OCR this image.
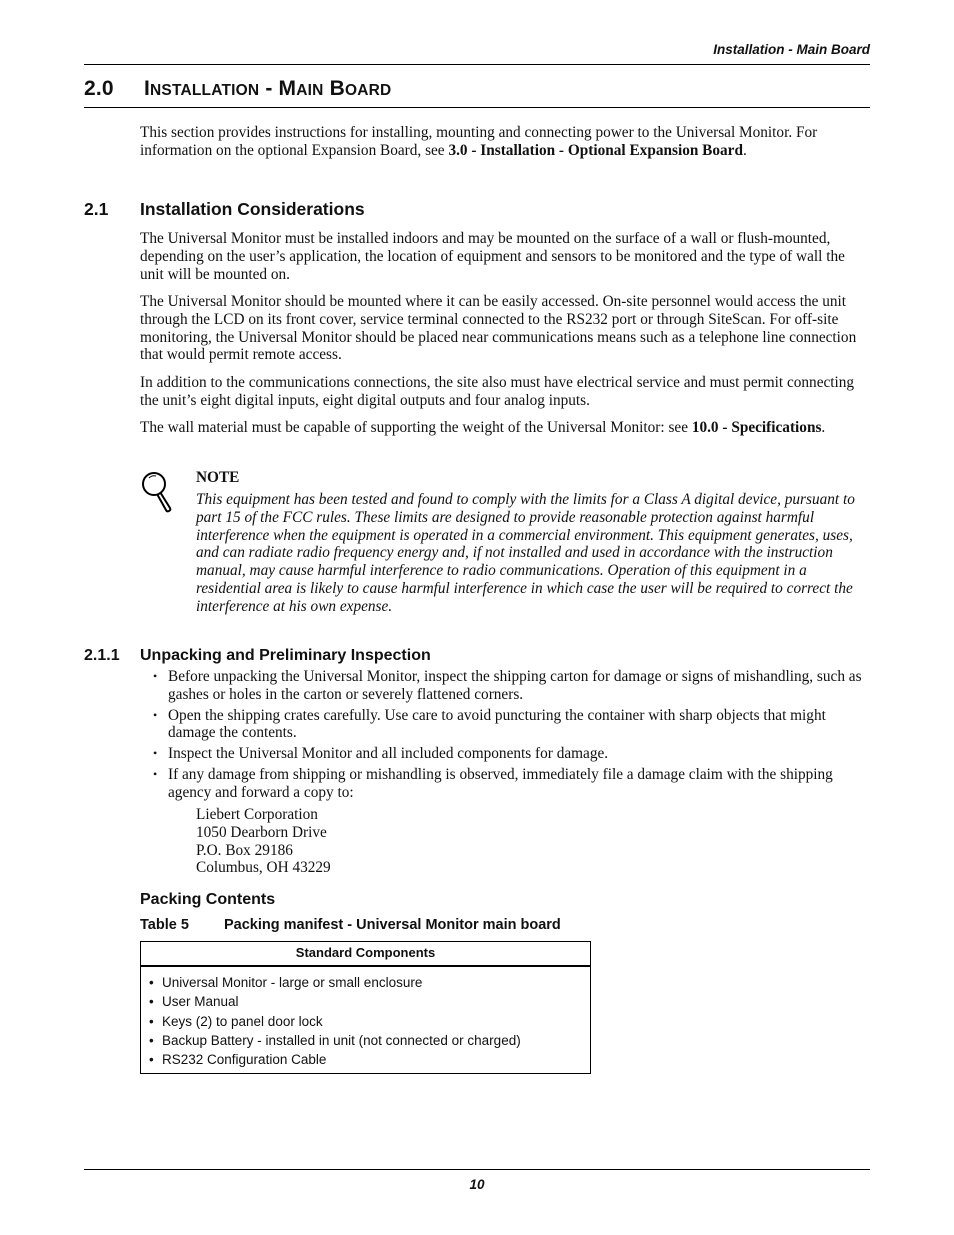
Installation - Main Board
2.0 INSTALLATION - MAIN BOARD
This section provides instructions for installing, mounting and connecting power to the Universal Monitor. For information on the optional Expansion Board, see 3.0 - Installation - Optional Expansion Board.
2.1 Installation Considerations
The Universal Monitor must be installed indoors and may be mounted on the surface of a wall or flush-mounted, depending on the user’s application, the location of equipment and sensors to be monitored and the type of wall the unit will be mounted on.
The Universal Monitor should be mounted where it can be easily accessed. On-site personnel would access the unit through the LCD on its front cover, service terminal connected to the RS232 port or through SiteScan. For off-site monitoring, the Universal Monitor should be placed near communications means such as a telephone line connection that would permit remote access.
In addition to the communications connections, the site also must have electrical service and must permit connecting the unit’s eight digital inputs, eight digital outputs and four analog inputs.
The wall material must be capable of supporting the weight of the Universal Monitor: see 10.0 - Specifications.
NOTE
This equipment has been tested and found to comply with the limits for a Class A digital device, pursuant to part 15 of the FCC rules. These limits are designed to provide reasonable protection against harmful interference when the equipment is operated in a commercial environment. This equipment generates, uses, and can radiate radio frequency energy and, if not installed and used in accordance with the instruction manual, may cause harmful interference to radio communications. Operation of this equipment in a residential area is likely to cause harmful interference in which case the user will be required to correct the interference at his own expense.
2.1.1 Unpacking and Preliminary Inspection
• Before unpacking the Universal Monitor, inspect the shipping carton for damage or signs of mishandling, such as gashes or holes in the carton or severely flattened corners.
• Open the shipping crates carefully. Use care to avoid puncturing the container with sharp objects that might damage the contents.
• Inspect the Universal Monitor and all included components for damage.
• If any damage from shipping or mishandling is observed, immediately file a damage claim with the shipping agency and forward a copy to:
Liebert Corporation
1050 Dearborn Drive
P.O. Box 29186
Columbus, OH 43229
Packing Contents
Table 5 Packing manifest - Universal Monitor main board
Standard Components
• Universal Monitor - large or small enclosure
• User Manual
• Keys (2) to panel door lock
• Backup Battery - installed in unit (not connected or charged)
• RS232 Configuration Cable
10
